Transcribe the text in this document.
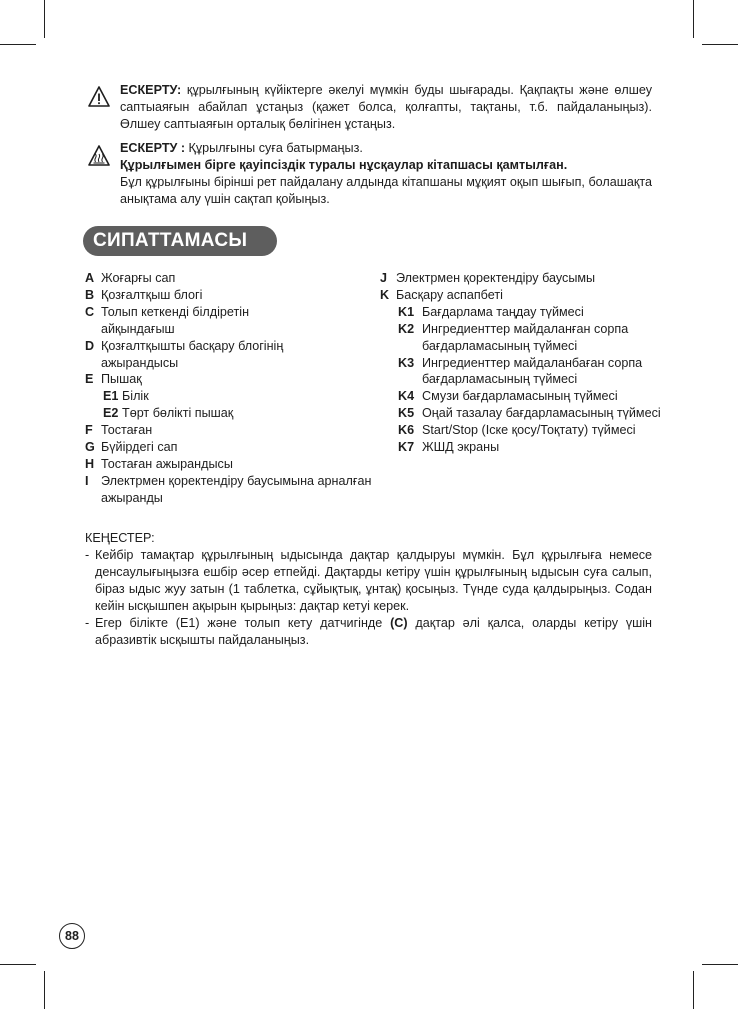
ЕСКЕРТУ: құрылғының күйіктерге әкелуі мүмкін буды шығарады. Қақпақты және өлшеу саптыаяғын абайлап ұстаңыз (қажет болса, қолғапты, тақтаны, т.б. пайдаланыңыз). Өлшеу саптыаяғын орталық бөлігінен ұстаңыз.
ЕСКЕРТУ : Құрылғыны суға батырмаңыз.
Құрылғымен бірге қауіпсіздік туралы нұсқаулар кітапшасы қамтылған.
Бұл құрылғыны бірінші рет пайдалану алдында кітапшаны мұқият оқып шығып, болашақта анықтама алу үшін сақтап қойыңыз.
СИПАТТАМАСЫ
A Жоғарғы сап
B Қозғалтқыш блогі
C Толып кеткенді білдіретін айқындағыш
D Қозғалтқышты басқару блогінің ажырандысы
E Пышақ
E1 Білік
E2 Төрт бөлікті пышақ
F Тостаған
G Бүйірдегі сап
H Тостаған ажырандысы
I Электрмен қоректендіру баусымына арналған ажыранды
J Электрмен қоректендіру баусымы
K Басқару аспапбеті
K1 Бағдарлама таңдау түймесі
K2 Ингредиенттер майдаланған сорпа бағдарламасының түймесі
K3 Ингредиенттер майдаланбаған сорпа бағдарламасының түймесі
K4 Смузи бағдарламасының түймесі
K5 Оңай тазалау бағдарламасының түймесі
K6 Start/Stop (Іске қосу/Тоқтату) түймесі
K7 ЖШД экраны
КЕҢЕСТЕР:
- Кейбір тамақтар құрылғының ыдысында дақтар қалдыруы мүмкін. Бұл құрылғыға немесе денсаулығыңызға ешбір әсер етпейді. Дақтарды кетіру үшін құрылғының ыдысын суға салып, біраз ыдыс жуу затын (1 таблетка, сұйықтық, ұнтақ) қосыңыз. Түнде суда қалдырыңыз. Содан кейін ысқышпен ақырын қырыңыз: дақтар кетуі керек.
- Егер білікте (E1) және толып кету датчигінде (C) дақтар әлі қалса, оларды кетіру үшін абразивтік ысқышты пайдаланыңыз.
88
